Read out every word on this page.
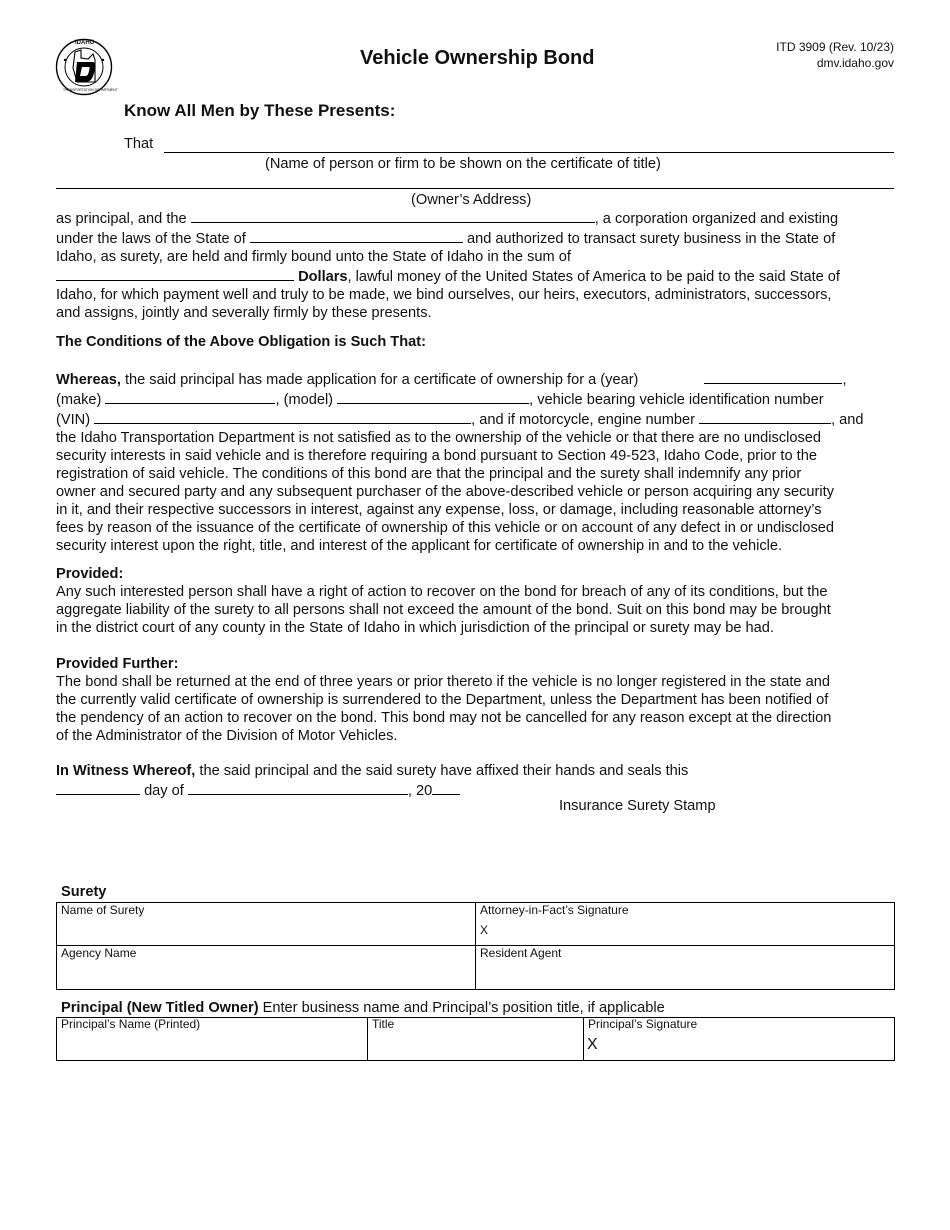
IDAHO
TRANSPORTATION DEPARTMENT
Vehicle Ownership Bond	ITD 3909 (Rev. 10/23)
dmv.idaho.gov
Know All Men by These Presents:
That
(Name of person or firm to be shown on the certificate of title)
(Owner’s Address)
as principal, and the	, a corporation organized and existing
under the laws of the State of	and authorized to transact surety business in the State of
Idaho, as surety, are held and firmly bound unto the State of Idaho in the sum of
Dollars, lawful money of the United States of America to be paid to the said State of
Idaho, for which payment well and truly to be made, we bind ourselves, our heirs, executors, administrators, successors,
and assigns, jointly and severally firmly by these presents.
The Conditions of the Above Obligation is Such That:
Whereas, the said principal has made application for a certificate of ownership for a (year)	,
(make)	, (model)	, vehicle bearing vehicle identification number
(VIN)	, and if motorcycle, engine number	, and
the Idaho Transportation Department is not satisfied as to the ownership of the vehicle or that there are no undisclosed
security interests in said vehicle and is therefore requiring a bond pursuant to Section 49-523, Idaho Code, prior to the
registration of said vehicle. The conditions of this bond are that the principal and the surety shall indemnify any prior
owner and secured party and any subsequent purchaser of the above-described vehicle or person acquiring any security
in it, and their respective successors in interest, against any expense, loss, or damage, including reasonable attorney’s
fees by reason of the issuance of the certificate of ownership of this vehicle or on account of any defect in or undisclosed
security interest upon the right, title, and interest of the applicant for certificate of ownership in and to the vehicle.
Provided:
Any such interested person shall have a right of action to recover on the bond for breach of any of its conditions, but the
aggregate liability of the surety to all persons shall not exceed the amount of the bond. Suit on this bond may be brought
in the district court of any county in the State of Idaho in which jurisdiction of the principal or surety may be had.
Provided Further:
The bond shall be returned at the end of three years or prior thereto if the vehicle is no longer registered in the state and
the currently valid certificate of ownership is surrendered to the Department, unless the Department has been notified of
the pendency of an action to recover on the bond. This bond may not be cancelled for any reason except at the direction
of the Administrator of the Division of Motor Vehicles.
In Witness Whereof, the said principal and the said surety have affixed their hands and seals this
day of	, 20
Insurance Surety Stamp
Surety
Name of Surety	Attorney-in-Fact’s Signature
X
Agency Name	Resident Agent
Principal (New Titled Owner) Enter business name and Principal’s position title, if applicable
Principal’s Name (Printed)	Title	Principal’s Signature
X
